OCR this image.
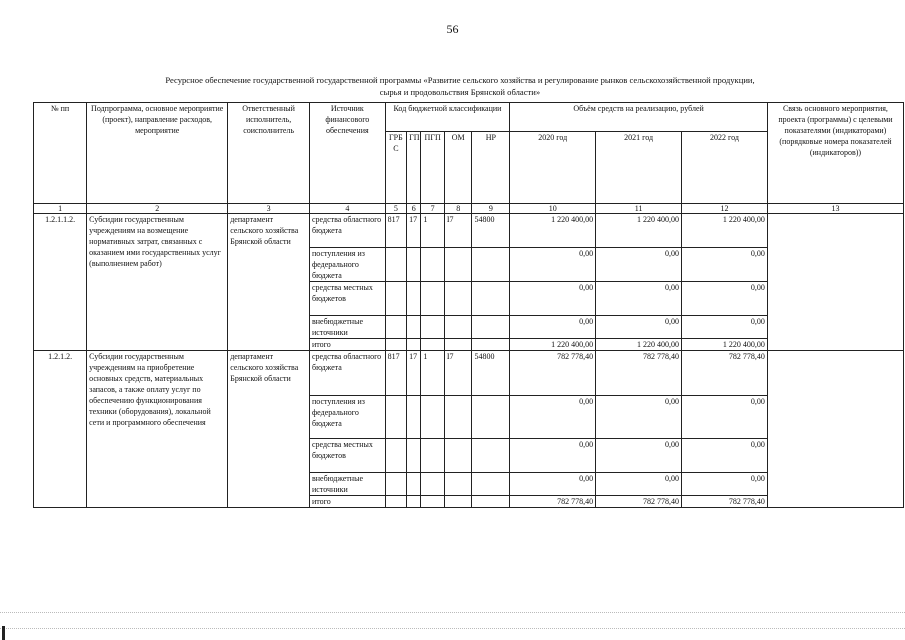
56
Ресурсное обеспечение государственной государственной программы «Развитие сельского хозяйства и регулирование рынков сельскохозяйственной продукции,
сырья и продовольствия Брянской области»
№ пп	Подпрограмма, основное мероприятие (проект), направление расходов, мероприятие	Ответственный исполнитель, соисполнитель	Источник финансового обеспечения	Код бюджетной классификации					Объём средств на реализацию, рублей			Связь основного мероприятия, проекта (программы) с целевыми показателями (индикаторами) (порядковые номера показателей (индикаторов))
				ГРБ С	ГП	ПГП	ОМ	НР	2020 год	2021 год	2022 год	
1	2	3	4	5	6	7	8	9	10	11	12	13
1.2.1.1.2.	Субсидии государственным учреждениям на возмещение нормативных затрат, связанных с оказанием ими государственных услуг (выполнением работ)	департамент сельского хозяйства Брянской области	средства областного бюджета	817	17	1	I7	54800	1 220 400,00	1 220 400,00	1 220 400,00	
			поступления из федерального бюджета						0,00	0,00	0,00	
			средства местных бюджетов						0,00	0,00	0,00	
			внебюджетные источники						0,00	0,00	0,00	
			итого						1 220 400,00	1 220 400,00	1 220 400,00	
1.2.1.2.	Субсидии государственным учреждениям на приобретение основных средств, материальных запасов, а также оплату услуг по обеспечению функционирования техники (оборудования), локальной сети и программного обеспечения	департамент сельского хозяйства Брянской области	средства областного бюджета	817	17	1	I7	54800	782 778,40	782 778,40	782 778,40	
			поступления из федерального бюджета						0,00	0,00	0,00	
			средства местных бюджетов						0,00	0,00	0,00	
			внебюджетные источники						0,00	0,00	0,00	
			итого						782 778,40	782 778,40	782 778,40	
